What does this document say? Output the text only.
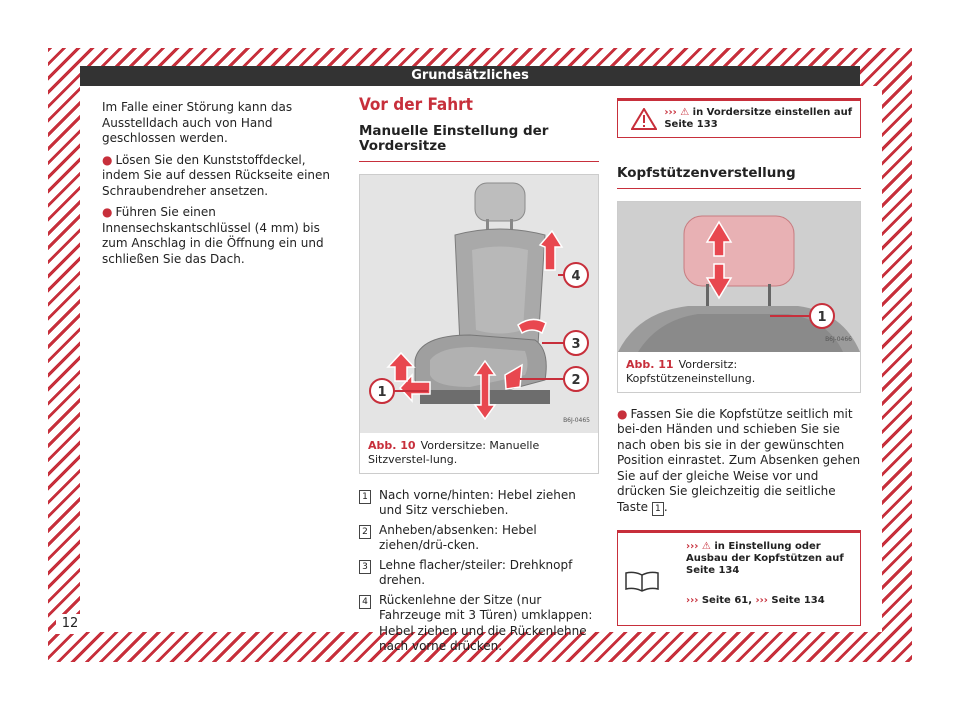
Grundsätzliches

Im Falle einer Störung kann das Ausstelldach auch von Hand geschlossen werden.

● Lösen Sie den Kunststoffdeckel, indem Sie auf dessen Rückseite einen Schraubendreher ansetzen.

● Führen Sie einen Innensechskantschlüssel (4 mm) bis zum Anschlag in die Öffnung ein und schließen Sie das Dach.

Vor der Fahrt
Manuelle Einstellung der Vordersitze
1
2
3
4
B6J-0465
Abb. 10 Vordersitze: Manuelle Sitzverstel-lung.
1 Nach vorne/hinten: Hebel ziehen und Sitz verschieben.
2 Anheben/absenken: Hebel ziehen/drü-cken.
3 Lehne flacher/steiler: Drehknopf drehen.
4 Rückenlehne der Sitze (nur Fahrzeuge mit 3 Türen) umklappen: Hebel ziehen und die Rückenlehne nach vorne drücken.
››› ⚠ in Vordersitze einstellen auf Seite 133
Kopfstützenverstellung
1
B6J-0466
Abb. 11 Vordersitz: Kopfstützeneinstellung.

● Fassen Sie die Kopfstütze seitlich mit bei-den Händen und schieben Sie sie nach oben bis sie in der gewünschten Position einrastet. Zum Absenken gehen Sie auf der gleiche Weise vor und drücken Sie gleichzeitig die seitliche Taste 1 .

››› ⚠ in Einstellung oder Ausbau der Kopfstützen auf Seite 134
››› Seite 61, ››› Seite 134
12
